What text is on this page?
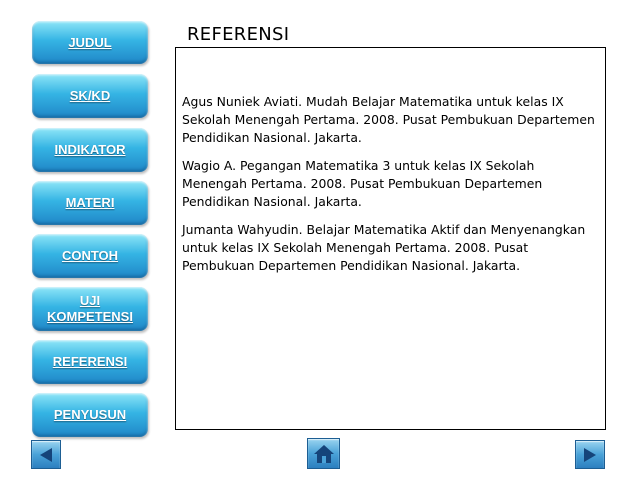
JUDUL
SK/KD
INDIKATOR
MATERI
CONTOH
UJI KOMPETENSI
REFERENSI
PENYUSUN
REFERENSI

Agus Nuniek Aviati. Mudah Belajar Matematika untuk kelas IX Sekolah Menengah Pertama. 2008. Pusat Pembukuan Departemen Pendidikan Nasional. Jakarta.

Wagio A. Pegangan Matematika 3 untuk kelas IX Sekolah Menengah Pertama. 2008. Pusat Pembukuan Departemen Pendidikan Nasional. Jakarta.

Jumanta Wahyudin. Belajar Matematika Aktif dan Menyenangkan untuk kelas IX Sekolah Menengah Pertama. 2008. Pusat Pembukuan Departemen Pendidikan Nasional. Jakarta.
